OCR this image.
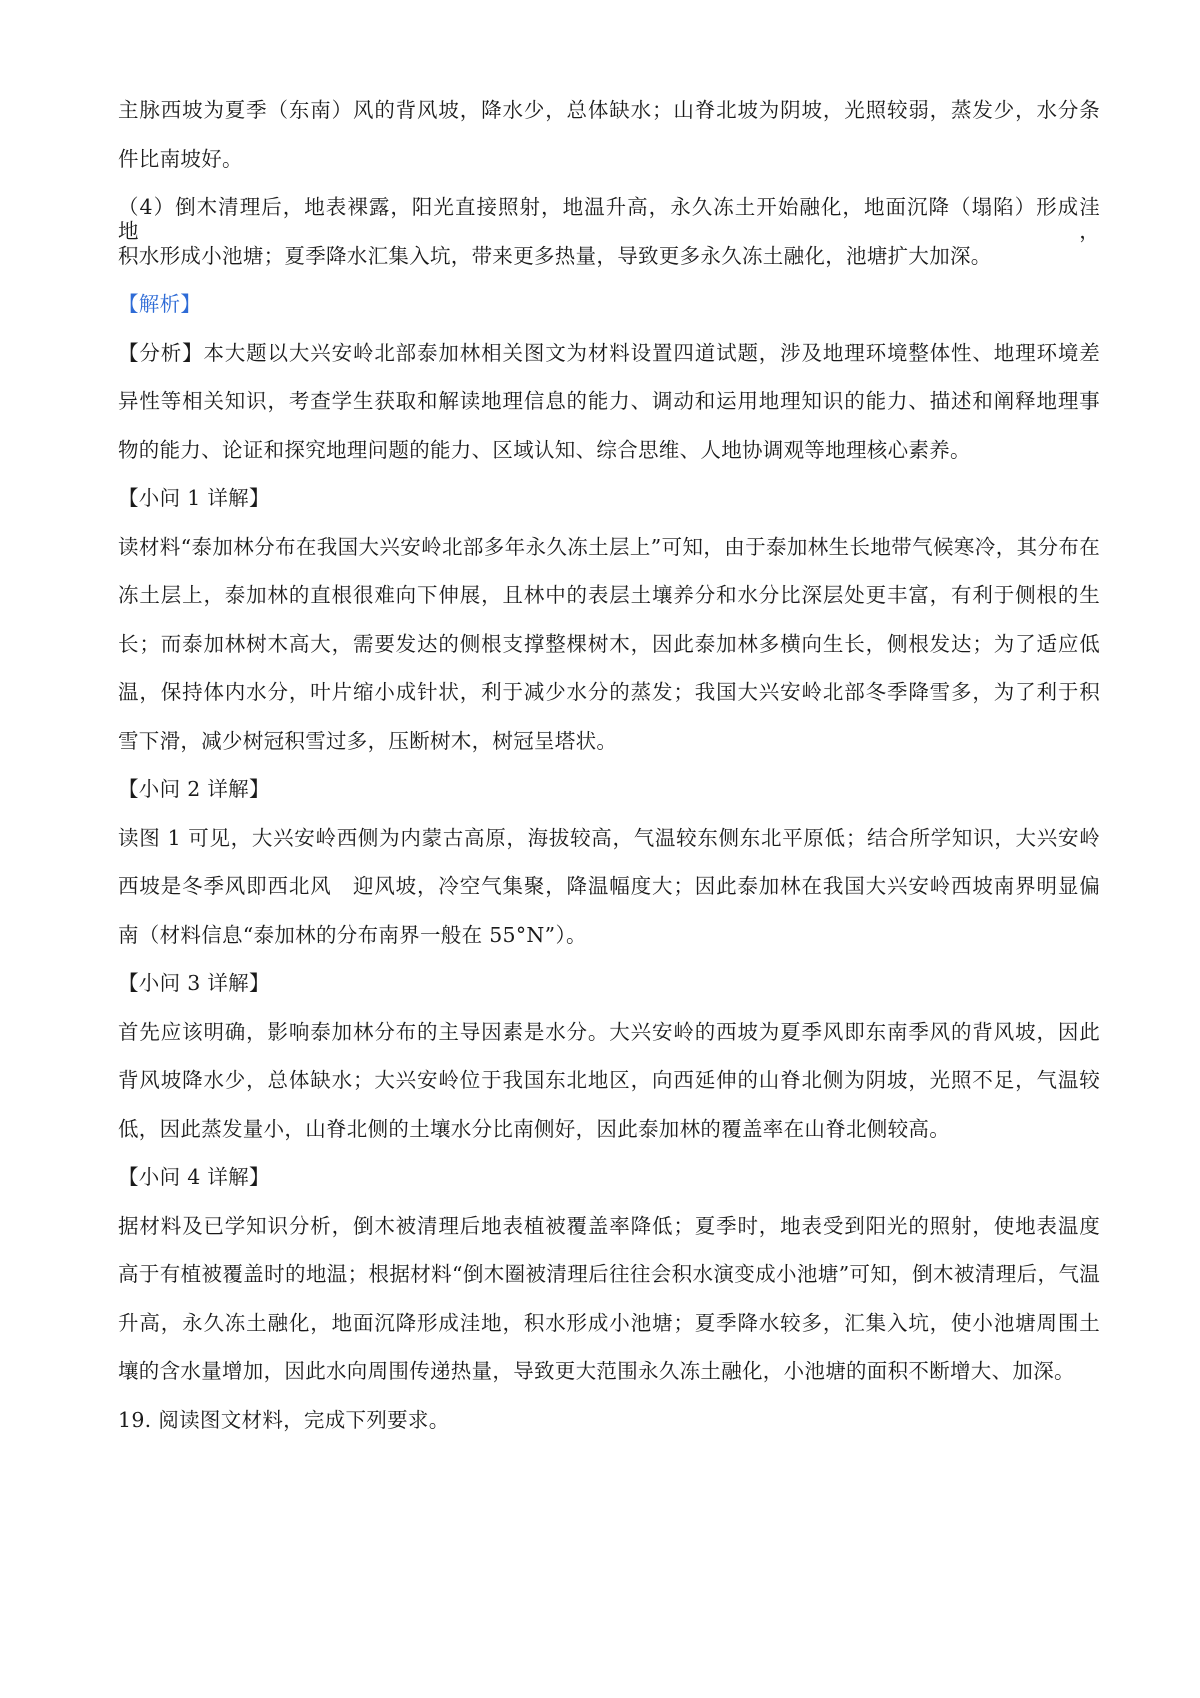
主脉西坡为夏季（东南）风的背风坡，降水少，总体缺水；山脊北坡为阴坡，光照较弱，蒸发少，水分条
件比南坡好。
（4）倒木清理后，地表裸露，阳光直接照射，地温升高，永久冻土开始融化，地面沉降（塌陷）形成洼地，
积水形成小池塘；夏季降水汇集入坑，带来更多热量，导致更多永久冻土融化，池塘扩大加深。
【解析】
【分析】本大题以大兴安岭北部泰加林相关图文为材料设置四道试题，涉及地理环境整体性、地理环境差
异性等相关知识，考查学生获取和解读地理信息的能力、调动和运用地理知识的能力、描述和阐释地理事
物的能力、论证和探究地理问题的能力、区域认知、综合思维、人地协调观等地理核心素养。
【小问 1 详解】
读材料“泰加林分布在我国大兴安岭北部多年永久冻土层上”可知，由于泰加林生长地带气候寒冷，其分布在
冻土层上，泰加林的直根很难向下伸展，且林中的表层土壤养分和水分比深层处更丰富，有利于侧根的生
长；而泰加林树木高大，需要发达的侧根支撑整棵树木，因此泰加林多横向生长，侧根发达；为了适应低
温，保持体内水分，叶片缩小成针状，利于减少水分的蒸发；我国大兴安岭北部冬季降雪多，为了利于积
雪下滑，减少树冠积雪过多，压断树木，树冠呈塔状。
【小问 2 详解】
读图 1 可见，大兴安岭西侧为内蒙古高原，海拔较高，气温较东侧东北平原低；结合所学知识，大兴安岭
西坡是冬季风即西北风　迎风坡，冷空气集聚，降温幅度大；因此泰加林在我国大兴安岭西坡南界明显偏
南（材料信息“泰加林的分布南界一般在 55°N”）。
【小问 3 详解】
首先应该明确，影响泰加林分布的主导因素是水分。大兴安岭的西坡为夏季风即东南季风的背风坡，因此
背风坡降水少，总体缺水；大兴安岭位于我国东北地区，向西延伸的山脊北侧为阴坡，光照不足，气温较
低，因此蒸发量小，山脊北侧的土壤水分比南侧好，因此泰加林的覆盖率在山脊北侧较高。
【小问 4 详解】
据材料及已学知识分析，倒木被清理后地表植被覆盖率降低；夏季时，地表受到阳光的照射，使地表温度
高于有植被覆盖时的地温；根据材料“倒木圈被清理后往往会积水演变成小池塘”可知，倒木被清理后，气温
升高，永久冻土融化，地面沉降形成洼地，积水形成小池塘；夏季降水较多，汇集入坑，使小池塘周围土
壤的含水量增加，因此水向周围传递热量，导致更大范围永久冻土融化，小池塘的面积不断增大、加深。
19. 阅读图文材料，完成下列要求。
